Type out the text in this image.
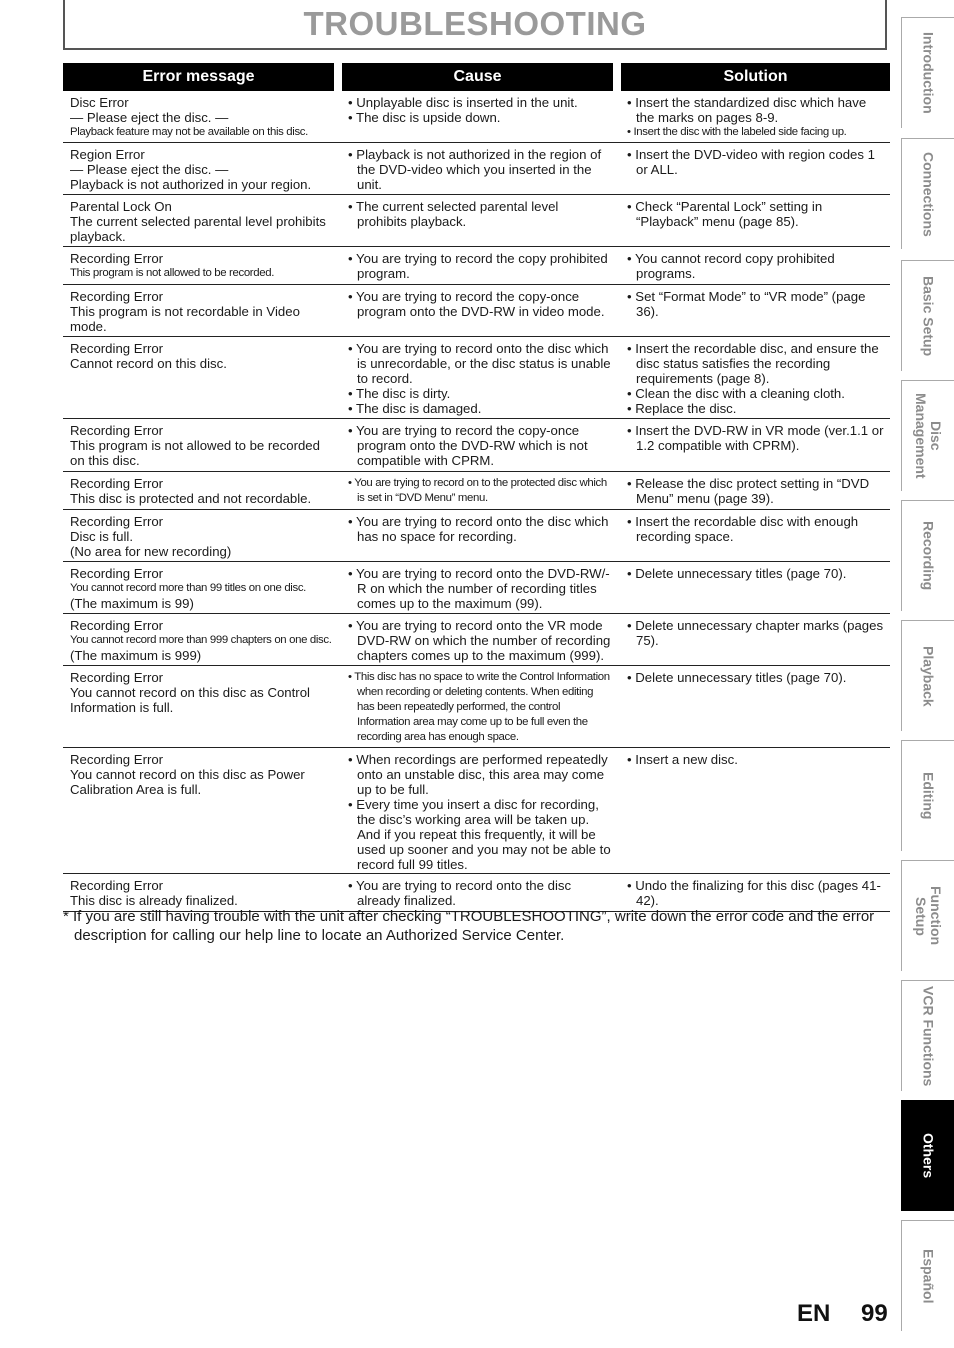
TROUBLESHOOTING
Error message	Cause	Solution
Disc Error
— Please eject the disc. —
Playback feature may not be available on this disc.
• Unplayable disc is inserted in the unit.
• The disc is upside down.
• Insert the standardized disc which have the marks on pages 8-9.
• Insert the disc with the labeled side facing up.
Region Error
— Please eject the disc. —
Playback is not authorized in your region.
• Playback is not authorized in the region of the DVD-video which you inserted in the unit.
• Insert the DVD-video with region codes 1 or ALL.
Parental Lock On
The current selected parental level prohibits playback.
• The current selected parental level prohibits playback.
• Check “Parental Lock” setting in “Playback” menu (page 85).
Recording Error
This program is not allowed to be recorded.
• You are trying to record the copy prohibited program.
• You cannot record copy prohibited programs.
Recording Error
This program is not recordable in Video mode.
• You are trying to record the copy-once program onto the DVD-RW in video mode.
• Set “Format Mode” to “VR mode” (page 36).
Recording Error
Cannot record on this disc.
• You are trying to record onto the disc which is unrecordable, or the disc status is unable to record.
• The disc is dirty.
• The disc is damaged.
• Insert the recordable disc, and ensure the disc status satisfies the recording requirements (page 8).
• Clean the disc with a cleaning cloth.
• Replace the disc.
Recording Error
This program is not allowed to be recorded on this disc.
• You are trying to record the copy-once program onto the DVD-RW which is not compatible with CPRM.
• Insert the DVD-RW in VR mode (ver.1.1 or 1.2 compatible with CPRM).
Recording Error
This disc is protected and not recordable.
• You are trying to record on to the protected disc which is set in “DVD Menu” menu.
• Release the disc protect setting in “DVD Menu” menu (page 39).
Recording Error
Disc is full.
(No area for new recording)
• You are trying to record onto the disc which has no space for recording.
• Insert the recordable disc with enough recording space.
Recording Error
You cannot record more than 99 titles on one disc.
(The maximum is 99)
• You are trying to record onto the DVD-RW/-R on which the number of recording titles comes up to the maximum (99).
• Delete unnecessary titles (page 70).
Recording Error
You cannot record more than 999 chapters on one disc.
(The maximum is 999)
• You are trying to record onto the VR mode DVD-RW on which the number of recording chapters comes up to the maximum (999).
• Delete unnecessary chapter marks (pages 75).
Recording Error
You cannot record on this disc as Control Information is full.
• This disc has no space to write the Control Information when recording or deleting contents. When editing has been repeatedly performed, the control Information area may come up to be full even the recording area has enough space.
• Delete unnecessary titles (page 70).
Recording Error
You cannot record on this disc as Power Calibration Area is full.
• When recordings are performed repeatedly onto an unstable disc, this area may come up to be full.
• Every time you insert a disc for recording, the disc’s working area will be taken up. And if you repeat this frequently, it will be used up sooner and you may not be able to record full 99 titles.
• Insert a new disc.
Recording Error
This disc is already finalized.
• You are trying to record onto the disc already finalized.
• Undo the finalizing for this disc (pages 41-42).
* If you are still having trouble with the unit after checking “TROUBLESHOOTING”, write down the error code and the error description for calling our help line to locate an Authorized Service Center.
Introduction
Connections
Basic Setup
Disc
Management
Recording
Playback
Editing
Function
Setup
VCR Functions
Others
Español
EN 99
